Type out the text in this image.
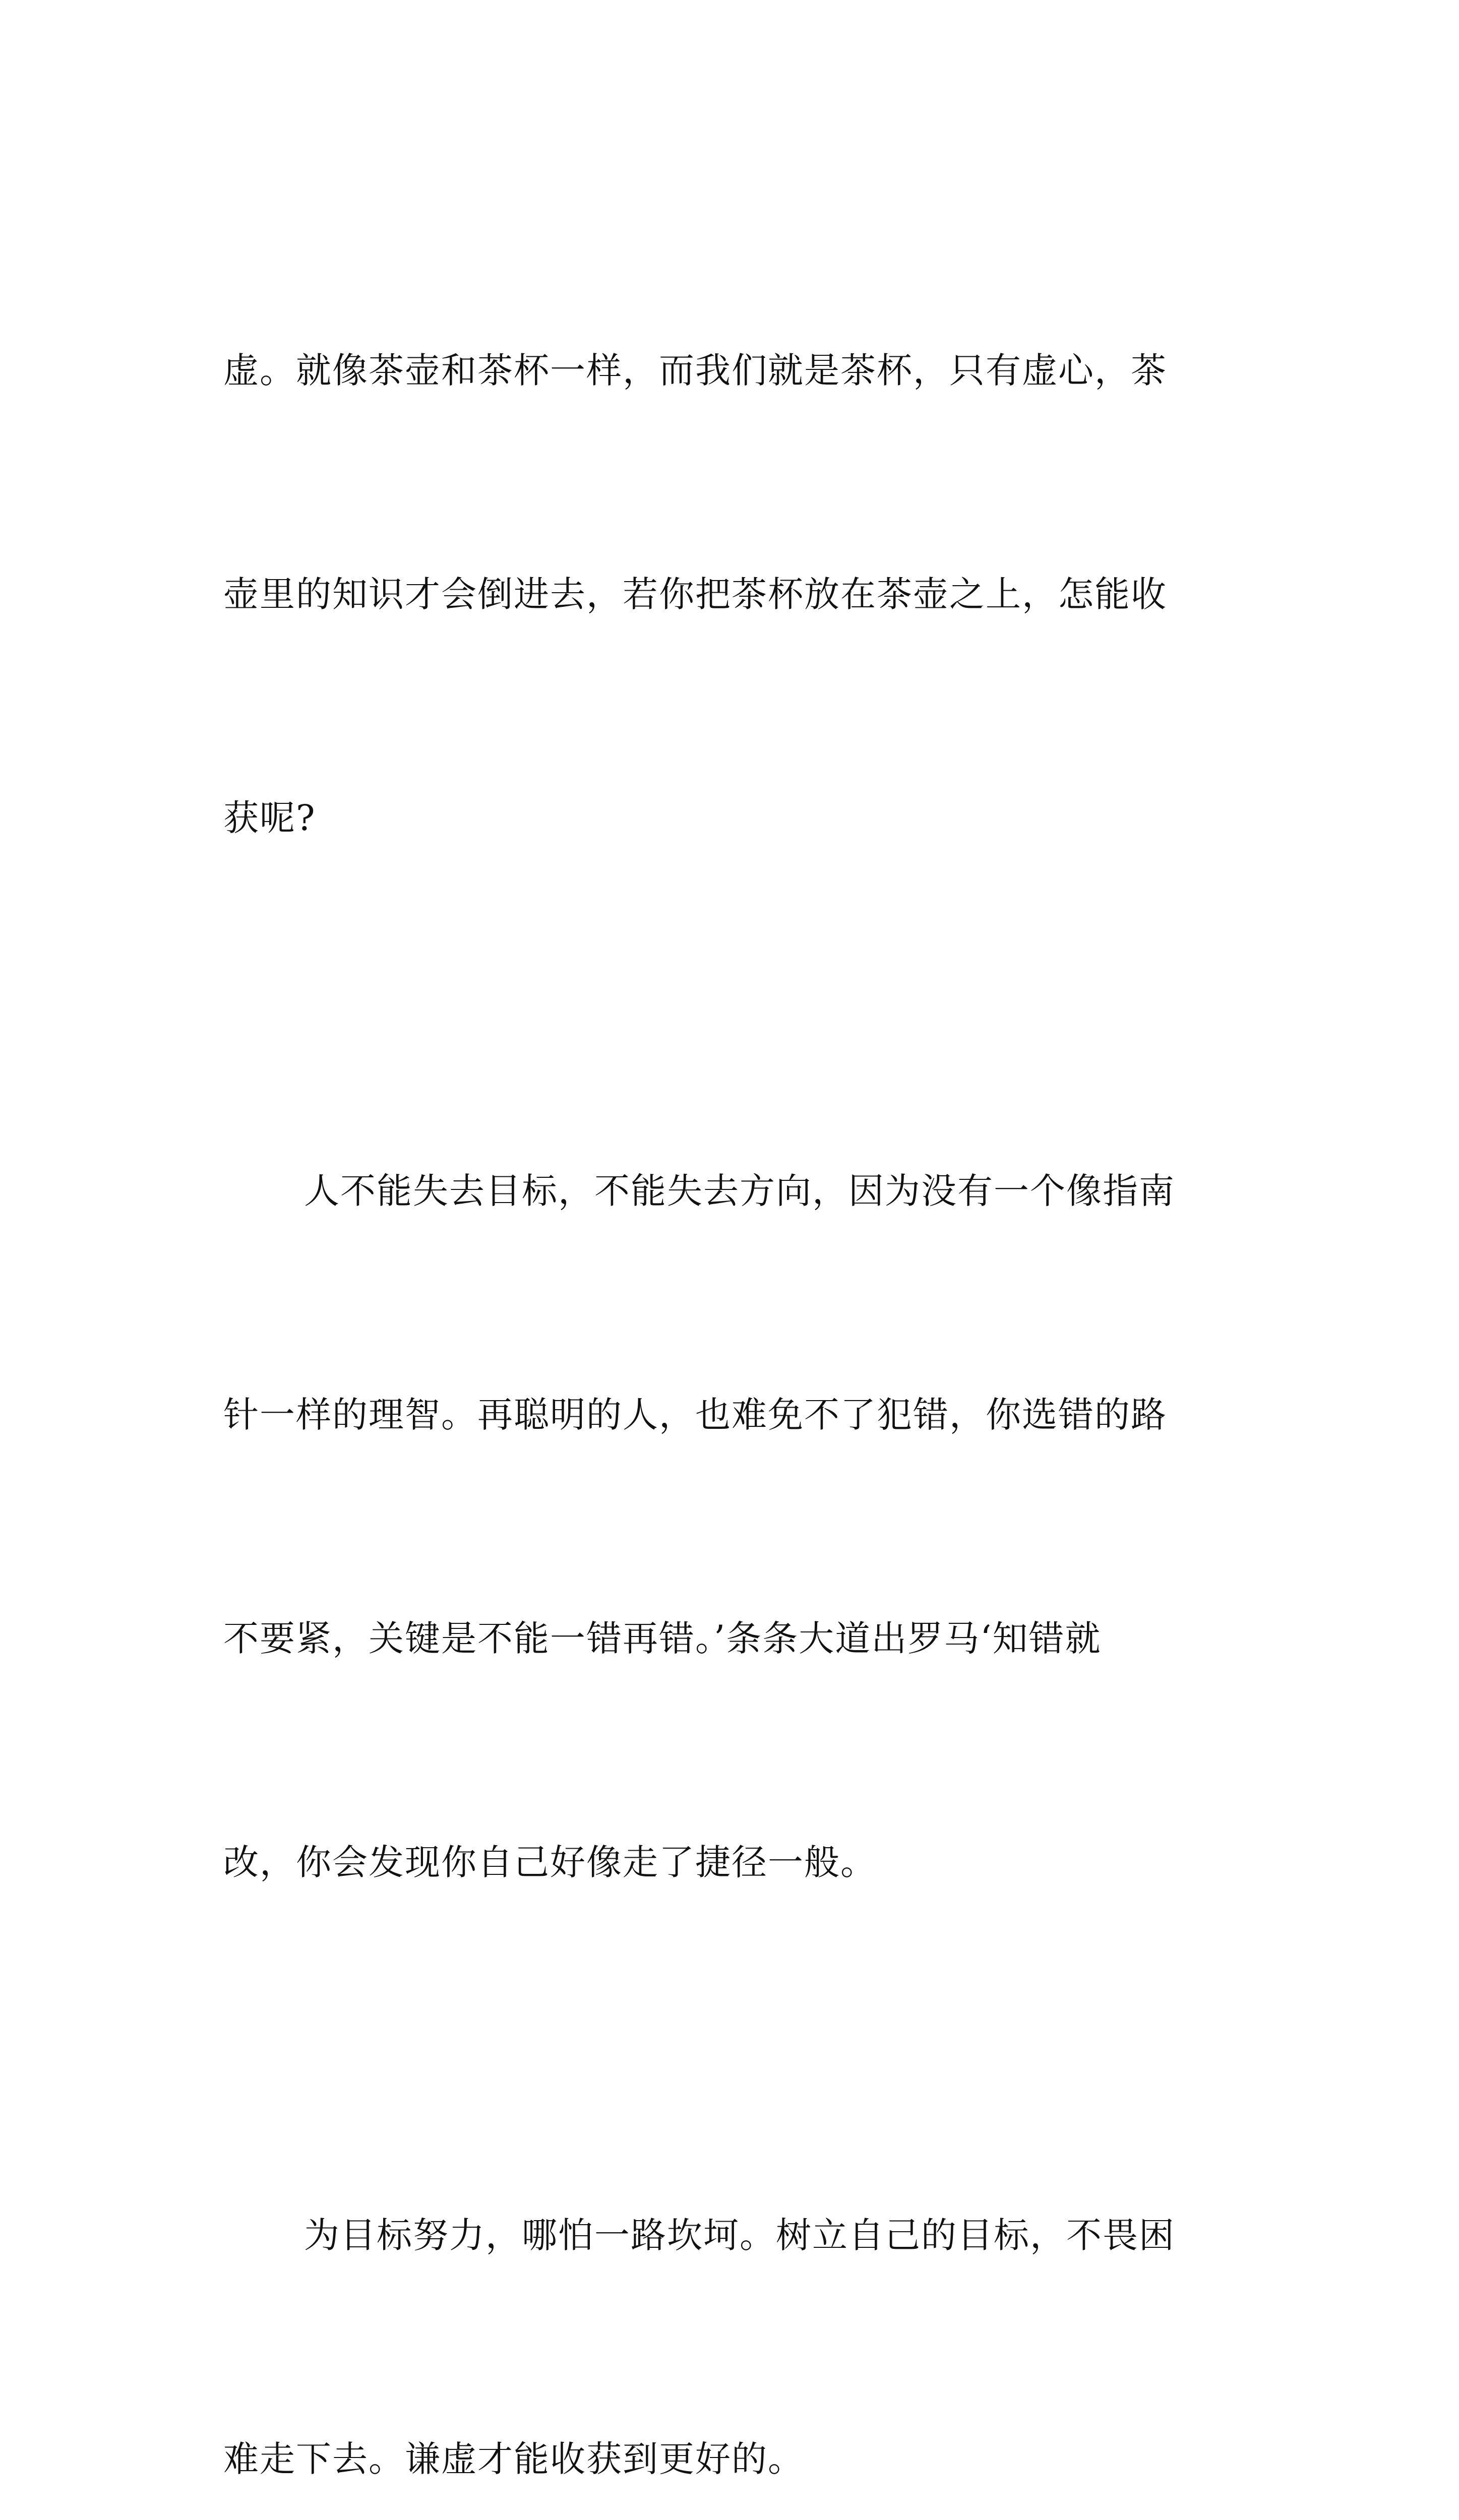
虚。就像茶壶和茶杯一样，而我们就是茶杯，只有虚心，茶

壶里的知识才会倒进去，若你把茶杯放在茶壶之上，怎能收

获呢?

人不能失去目标，不能失去方向，因为没有一个像指南

针一样的理智。再聪明的人，也难免不了犯错，你选错的路

不要紧，关键是不能一错再错。’条条大道出罗马‘知错就

改，你会发现你自己好像走了捷径一般。

为目标努力，哪怕一路坎坷。树立自己的目标，不畏困

难走下去。谦虚才能收获到更好的。
